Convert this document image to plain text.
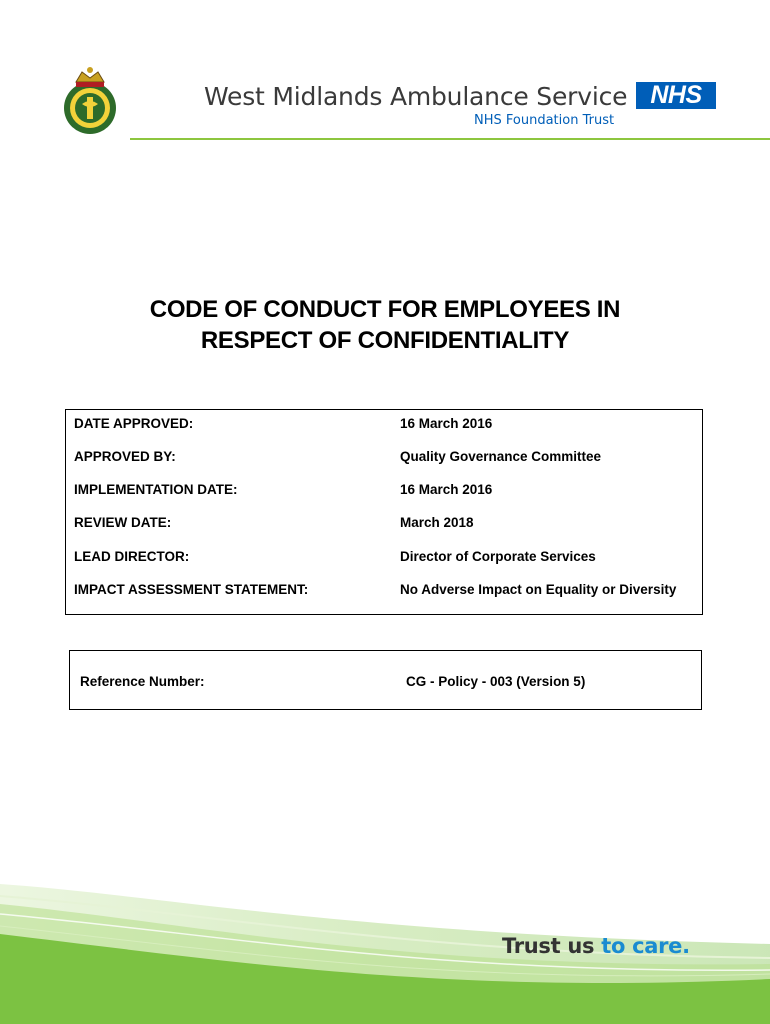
West Midlands Ambulance Service NHS
NHS Foundation Trust
CODE OF CONDUCT FOR EMPLOYEES IN
RESPECT OF CONFIDENTIALITY
DATE APPROVED:	16 March 2016
APPROVED BY:	Quality Governance Committee
IMPLEMENTATION DATE:	16 March 2016
REVIEW DATE:	March 2018
LEAD DIRECTOR:	Director of Corporate Services
IMPACT ASSESSMENT STATEMENT:	No Adverse Impact on Equality or Diversity
Reference Number:	CG - Policy - 003 (Version 5)
Trust us to care.
